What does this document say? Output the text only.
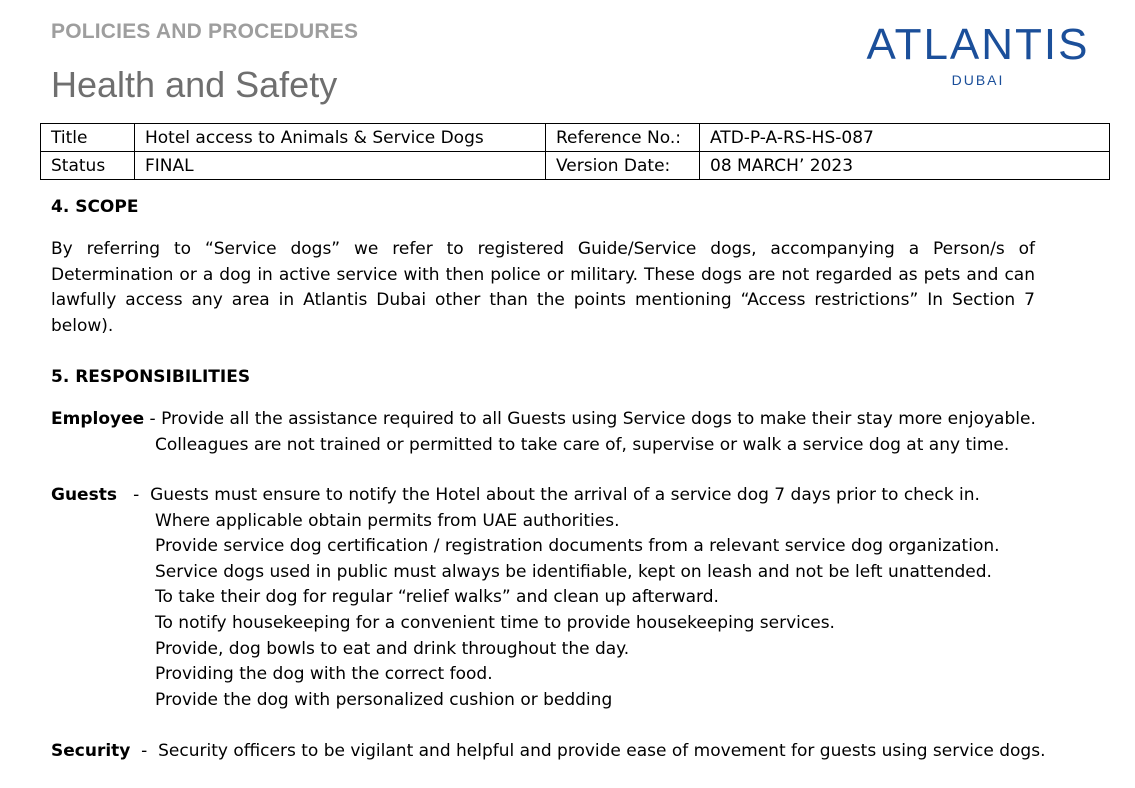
POLICIES AND PROCEDURES
Health and Safety
ATLANTIS
DUBAI
Title	Hotel access to Animals & Service Dogs	Reference No.:	ATD-P-A-RS-HS-087
Status	FINAL	Version Date:	08 MARCH’ 2023
4. SCOPE
By referring to “Service dogs” we refer to registered Guide/Service dogs, accompanying a Person/s of Determination or a dog in active service with then police or military. These dogs are not regarded as pets and can lawfully access any area in Atlantis Dubai other than the points mentioning “Access restrictions” In Section 7 below).
5. RESPONSIBILITIES
Employee - Provide all the assistance required to all Guests using Service dogs to make their stay more enjoyable.
Colleagues are not trained or permitted to take care of, supervise or walk a service dog at any time.
Guests   -  Guests must ensure to notify the Hotel about the arrival of a service dog 7 days prior to check in.
Where applicable obtain permits from UAE authorities.
Provide service dog certification / registration documents from a relevant service dog organization.
Service dogs used in public must always be identifiable, kept on leash and not be left unattended.
To take their dog for regular “relief walks” and clean up afterward.
To notify housekeeping for a convenient time to provide housekeeping services.
Provide, dog bowls to eat and drink throughout the day.
Providing the dog with the correct food.
Provide the dog with personalized cushion or bedding
Security  -  Security officers to be vigilant and helpful and provide ease of movement for guests using service dogs.
